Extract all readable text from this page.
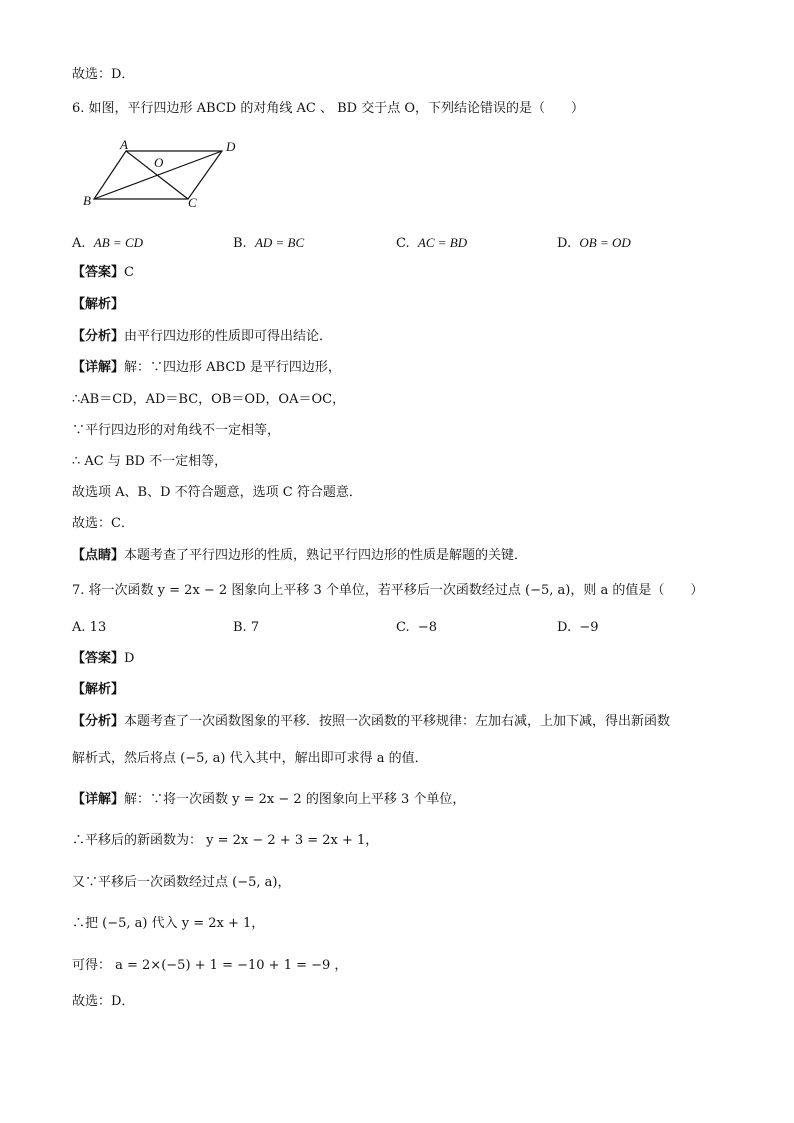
故选：D．
6. 如图，平行四边形 ABCD 的对角线 AC 、 BD 交于点 O，下列结论错误的是（　　）
A	D
B	C
O
A. AB = CD	B. AD = BC	C. AC = BD	D. OB = OD
【答案】C
【解析】
【分析】由平行四边形的性质即可得出结论．
【详解】解：∵四边形 ABCD 是平行四边形，
∴AB＝CD，AD＝BC，OB＝OD，OA＝OC，
∵平行四边形的对角线不一定相等，
∴ AC 与 BD 不一定相等，
故选项 A、B、D 不符合题意，选项 C 符合题意．
故选：C．
【点睛】本题考查了平行四边形的性质，熟记平行四边形的性质是解题的关键．
7. 将一次函数 y = 2x − 2 图象向上平移 3 个单位，若平移后一次函数经过点 (−5, a)，则 a 的值是（　　）
A. 13	B. 7	C. −8	D. −9
【答案】D
【解析】
【分析】本题考查了一次函数图象的平移．按照一次函数的平移规律：左加右减，上加下减，得出新函数
解析式，然后将点 (−5, a) 代入其中，解出即可求得 a 的值．
【详解】解：∵将一次函数 y = 2x − 2 的图象向上平移 3 个单位，
∴平移后的新函数为： y = 2x − 2 + 3 = 2x + 1，
又∵平移后一次函数经过点 (−5, a)，
∴把 (−5, a) 代入 y = 2x + 1，
可得： a = 2×(−5) + 1 = −10 + 1 = −9 ，
故选：D．
